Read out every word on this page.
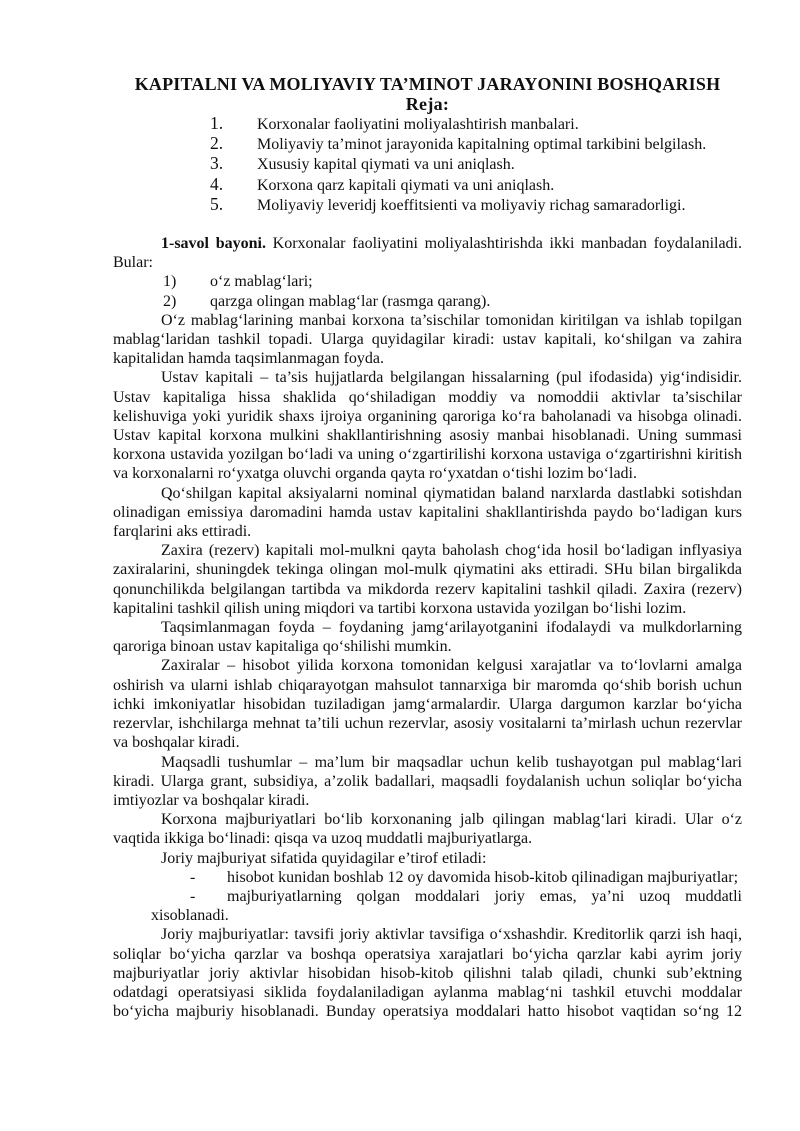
KAPITALNI VA MOLIYAVIY TA’MINOT JARAYONINI BOSHQARISH
Reja:
1. Korxonalar faoliyatini moliyalashtirish manbalari.
2. Moliyaviy ta’minot jarayonida kapitalning optimal tarkibini belgilash.
3. Xususiy kapital qiymati va uni aniqlash.
4. Korxona qarz kapitali qiymati va uni aniqlash.
5. Moliyaviy leveridj koeffitsienti va moliyaviy richag samaradorligi.

1-savol bayoni. Korxonalar faoliyatini moliyalashtirishda ikki manbadan foydalaniladi. Bular:

1) o‘z mablag‘lari;
2) qarzga olingan mablag‘lar (rasmga qarang).

O‘z mablag‘larining manbai korxona ta’sischilar tomonidan kiritilgan va ishlab topilgan mablag‘laridan tashkil topadi. Ularga quyidagilar kiradi: ustav kapitali, ko‘shilgan va zahira kapitalidan hamda taqsimlanmagan foyda.

Ustav kapitali – ta’sis hujjatlarda belgilangan hissalarning (pul ifodasida) yig‘indisidir. Ustav kapitaliga hissa shaklida qo‘shiladigan moddiy va nomoddii aktivlar ta’sischilar kelishuviga yoki yuridik shaxs ijroiya organining qaroriga ko‘ra baholanadi va hisobga olinadi. Ustav kapital korxona mulkini shakllantirishning asosiy manbai hisoblanadi. Uning summasi korxona ustavida yozilgan bo‘ladi va uning o‘zgartirilishi korxona ustaviga o‘zgartirishni kiritish va korxonalarni ro‘yxatga oluvchi organda qayta ro‘yxatdan o‘tishi lozim bo‘ladi.

Qo‘shilgan kapital aksiyalarni nominal qiymatidan baland narxlarda dastlabki sotishdan olinadigan emissiya daromadini hamda ustav kapitalini shakllantirishda paydo bo‘ladigan kurs farqlarini aks ettiradi.

Zaxira (rezerv) kapitali mol-mulkni qayta baholash chog‘ida hosil bo‘ladigan inflyasiya zaxiralarini, shuningdek tekinga olingan mol-mulk qiymatini aks ettiradi. SHu bilan birgalikda qonunchilikda belgilangan tartibda va mikdorda rezerv kapitalini tashkil qiladi. Zaxira (rezerv) kapitalini tashkil qilish uning miqdori va tartibi korxona ustavida yozilgan bo‘lishi lozim.

Taqsimlanmagan foyda – foydaning jamg‘arilayotganini ifodalaydi va mulkdorlarning qaroriga binoan ustav kapitaliga qo‘shilishi mumkin.

Zaxiralar – hisobot yilida korxona tomonidan kelgusi xarajatlar va to‘lovlarni amalga oshirish va ularni ishlab chiqarayotgan mahsulot tannarxiga bir maromda qo‘shib borish uchun ichki imkoniyatlar hisobidan tuziladigan jamg‘armalardir. Ularga dargumon karzlar bo‘yicha rezervlar, ishchilarga mehnat ta’tili uchun rezervlar, asosiy vositalarni ta’mirlash uchun rezervlar va boshqalar kiradi.

Maqsadli tushumlar – ma’lum bir maqsadlar uchun kelib tushayotgan pul mablag‘lari kiradi. Ularga grant, subsidiya, a’zolik badallari, maqsadli foydalanish uchun soliqlar bo‘yicha imtiyozlar va boshqalar kiradi.

Korxona majburiyatlari bo‘lib korxonaning jalb qilingan mablag‘lari kiradi. Ular o‘z vaqtida ikkiga bo‘linadi: qisqa va uzoq muddatli majburiyatlarga.

Joriy majburiyat sifatida quyidagilar e’tirof etiladi:

- hisobot kunidan boshlab 12 oy davomida hisob-kitob qilinadigan majburiyatlar;
- majburiyatlarning qolgan moddalari joriy emas, ya’ni uzoq muddatli xisoblanadi.

Joriy majburiyatlar: tavsifi joriy aktivlar tavsifiga o‘xshashdir. Kreditorlik qarzi ish haqi, soliqlar bo‘yicha qarzlar va boshqa operatsiya xarajatlari bo‘yicha qarzlar kabi ayrim joriy majburiyatlar joriy aktivlar hisobidan hisob-kitob qilishni talab qiladi, chunki sub’ektning odatdagi operatsiyasi siklida foydalaniladigan aylanma mablag‘ni tashkil etuvchi moddalar bo‘yicha majburiy hisoblanadi. Bunday operatsiya moddalari hatto hisobot vaqtidan so‘ng 12
